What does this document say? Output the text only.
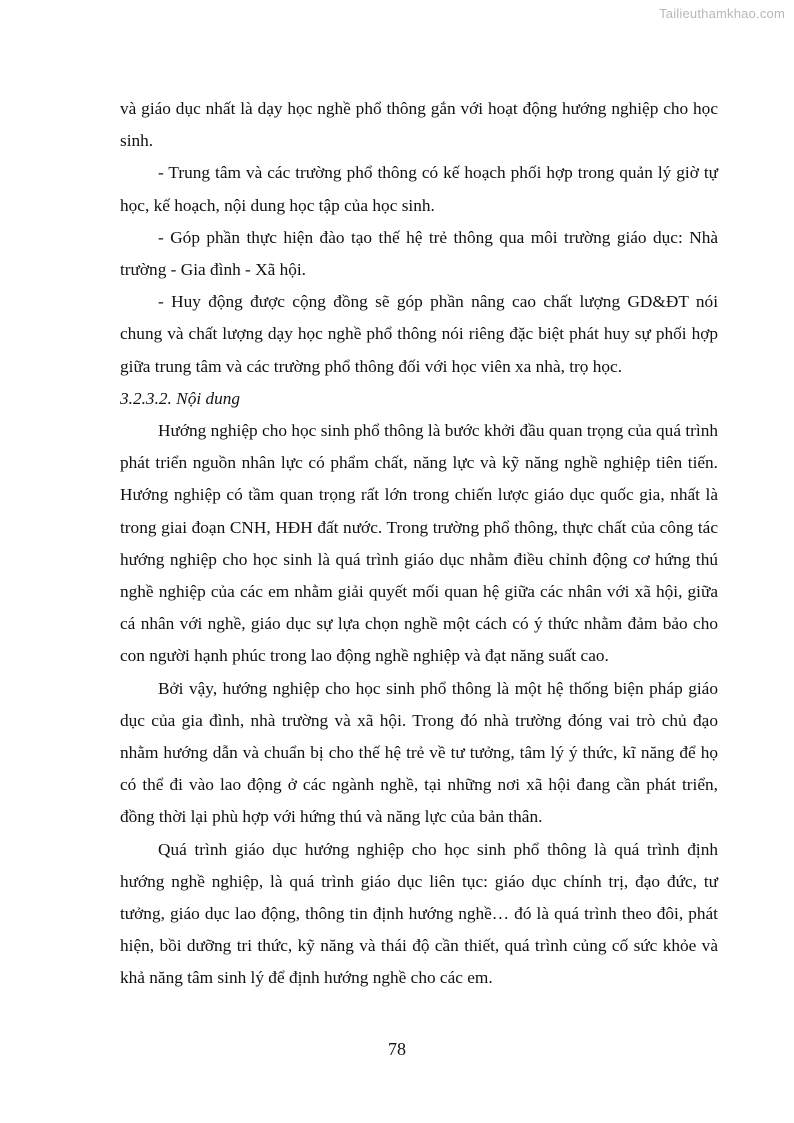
Tailieuthamkhao.com

và giáo dục nhất là dạy học nghề phổ thông gắn với hoạt động hướng nghiệp cho học sinh.

- Trung tâm và các trường phổ thông có kế hoạch phối hợp trong quản lý giờ tự học, kế hoạch, nội dung học tập của học sinh.

- Góp phần thực hiện đào tạo thế hệ trẻ thông qua môi trường giáo dục: Nhà trường - Gia đình - Xã hội.

- Huy động được cộng đồng sẽ góp phần nâng cao chất lượng GD&ĐT nói chung và chất lượng dạy học nghề phổ thông nói riêng đặc biệt phát huy sự phối hợp giữa trung tâm và các trường phổ thông đối với học viên xa nhà, trọ học.

3.2.3.2. Nội dung

Hướng nghiệp cho học sinh phổ thông là bước khởi đầu quan trọng của quá trình phát triển nguồn nhân lực có phẩm chất, năng lực và kỹ năng nghề nghiệp tiên tiến. Hướng nghiệp có tầm quan trọng rất lớn trong chiến lược giáo dục quốc gia, nhất là trong giai đoạn CNH, HĐH đất nước. Trong trường phổ thông, thực chất của công tác hướng nghiệp cho học sinh là quá trình giáo dục nhằm điều chỉnh động cơ hứng thú nghề nghiệp của các em nhằm giải quyết mối quan hệ giữa các nhân với xã hội, giữa cá nhân với nghề, giáo dục sự lựa chọn nghề một cách có ý thức nhằm đảm bảo cho con người hạnh phúc trong lao động nghề nghiệp và đạt năng suất cao.

Bởi vậy, hướng nghiệp cho học sinh phổ thông là một hệ thống biện pháp giáo dục của gia đình, nhà trường và xã hội. Trong đó nhà trường đóng vai trò chủ đạo nhằm hướng dẫn và chuẩn bị cho thế hệ trẻ về tư tưởng, tâm lý ý thức, kĩ năng để họ có thể đi vào lao động ở các ngành nghề, tại những nơi xã hội đang cần phát triển, đồng thời lại phù hợp với hứng thú và năng lực của bản thân.

Quá trình giáo dục hướng nghiệp cho học sinh phổ thông là quá trình định hướng nghề nghiệp, là quá trình giáo dục liên tục: giáo dục chính trị, đạo đức, tư tưởng, giáo dục lao động, thông tin định hướng nghề… đó là quá trình theo đôi, phát hiện, bồi dưỡng tri thức, kỹ năng và thái độ cần thiết, quá trình củng cố sức khỏe và khả năng tâm sinh lý để định hướng nghề cho các em.

78
